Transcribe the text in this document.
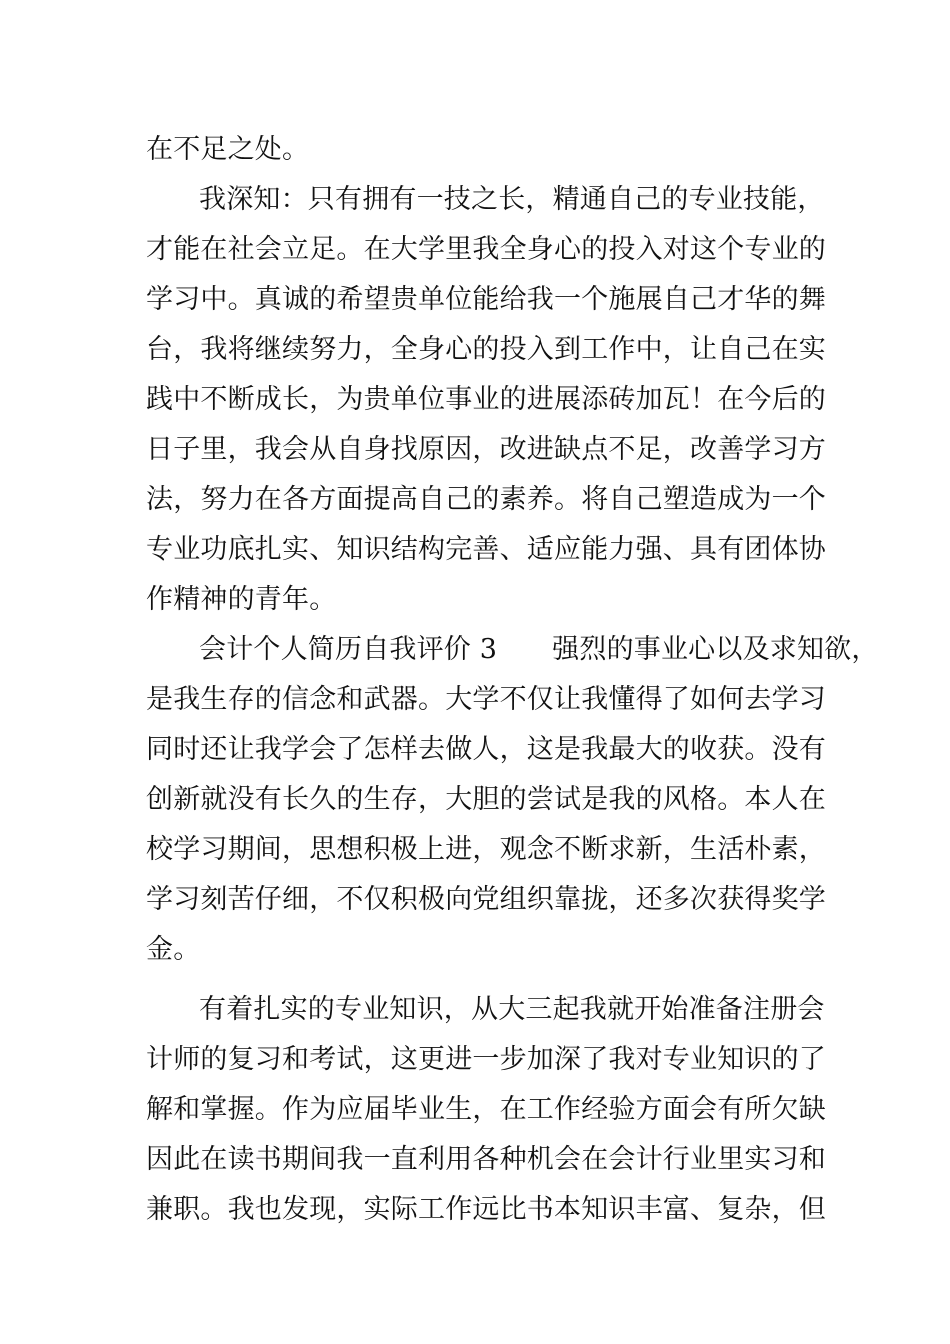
在不足之处。
我深知：只有拥有一技之长，精通自己的专业技能，
才能在社会立足。在大学里我全身心的投入对这个专业的
学习中。真诚的希望贵单位能给我一个施展自己才华的舞
台，我将继续努力，全身心的投入到工作中，让自己在实
践中不断成长，为贵单位事业的进展添砖加瓦！在今后的
日子里，我会从自身找原因，改进缺点不足，改善学习方
法，努力在各方面提高自己的素养。将自己塑造成为一个
专业功底扎实、知识结构完善、适应能力强、具有团体协
作精神的青年。
会计个人简历自我评价 3 强烈的事业心以及求知欲，
是我生存的信念和武器。大学不仅让我懂得了如何去学习
同时还让我学会了怎样去做人，这是我最大的收获。没有
创新就没有长久的生存，大胆的尝试是我的风格。本人在
校学习期间，思想积极上进，观念不断求新，生活朴素，
学习刻苦仔细，不仅积极向党组织靠拢，还多次获得奖学
金。
有着扎实的专业知识，从大三起我就开始准备注册会
计师的复习和考试，这更进一步加深了我对专业知识的了
解和掌握。作为应届毕业生，在工作经验方面会有所欠缺
因此在读书期间我一直利用各种机会在会计行业里实习和
兼职。我也发现，实际工作远比书本知识丰富、复杂，但
